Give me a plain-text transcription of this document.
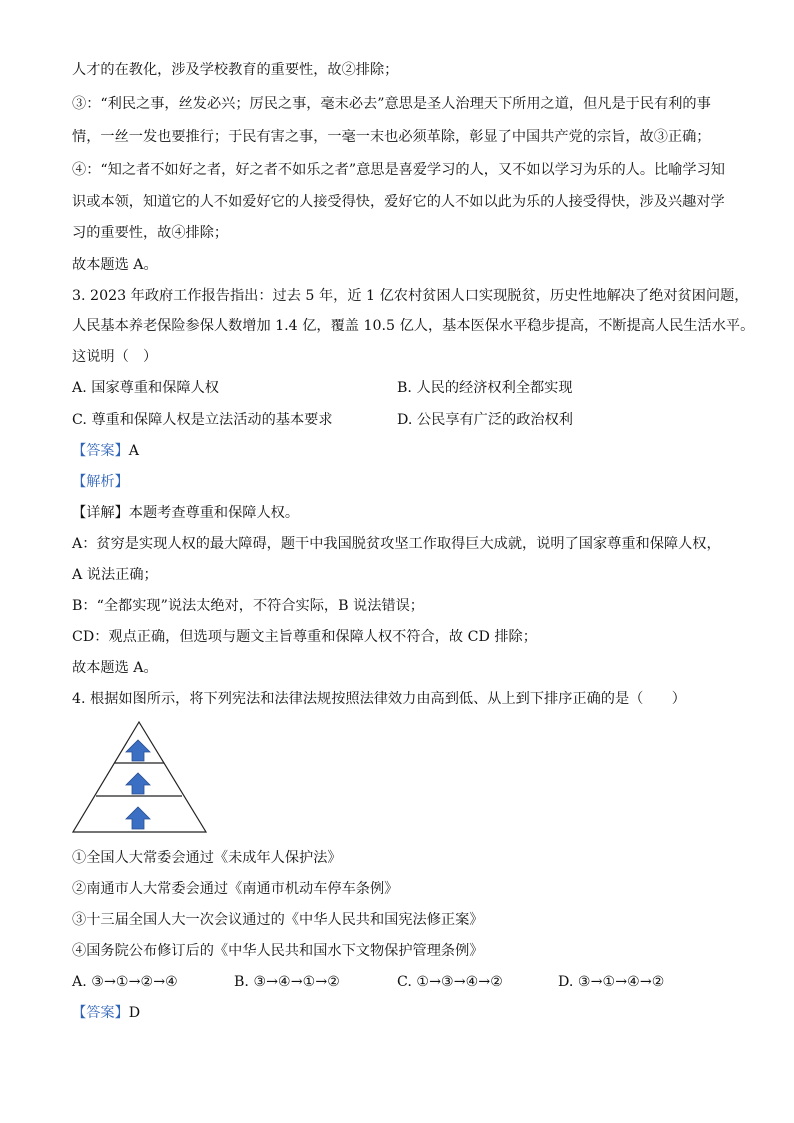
人才的在教化，涉及学校教育的重要性，故②排除；
③：“利民之事，丝发必兴；厉民之事，毫末必去”意思是圣人治理天下所用之道，但凡是于民有利的事
情，一丝一发也要推行；于民有害之事，一毫一末也必须革除，彰显了中国共产党的宗旨，故③正确；
④：“知之者不如好之者，好之者不如乐之者”意思是喜爱学习的人，又不如以学习为乐的人。比喻学习知
识或本领，知道它的人不如爱好它的人接受得快，爱好它的人不如以此为乐的人接受得快，涉及兴趣对学
习的重要性，故④排除；
故本题选 A。
3. 2023 年政府工作报告指出：过去 5 年，近 1 亿农村贫困人口实现脱贫，历史性地解决了绝对贫困问题，
人民基本养老保险参保人数增加 1.4 亿，覆盖 10.5 亿人，基本医保水平稳步提高，不断提高人民生活水平。
这说明（　）
A. 国家尊重和保障人权	B. 人民的经济权利全都实现
C. 尊重和保障人权是立法活动的基本要求	D. 公民享有广泛的政治权利
【答案】A
【解析】
【详解】本题考查尊重和保障人权。
A：贫穷是实现人权的最大障碍，题干中我国脱贫攻坚工作取得巨大成就，说明了国家尊重和保障人权，
A 说法正确；
B：“全都实现”说法太绝对，不符合实际，B 说法错误；
CD：观点正确，但选项与题文主旨尊重和保障人权不符合，故 CD 排除；
故本题选 A。
4. 根据如图所示，将下列宪法和法律法规按照法律效力由高到低、从上到下排序正确的是（　　）
①全国人大常委会通过《未成年人保护法》
②南通市人大常委会通过《南通市机动车停车条例》
③十三届全国人大一次会议通过的《中华人民共和国宪法修正案》
④国务院公布修订后的《中华人民共和国水下文物保护管理条例》
A. ③→①→②→④	B. ③→④→①→②	C. ①→③→④→②	D. ③→①→④→②
【答案】D
